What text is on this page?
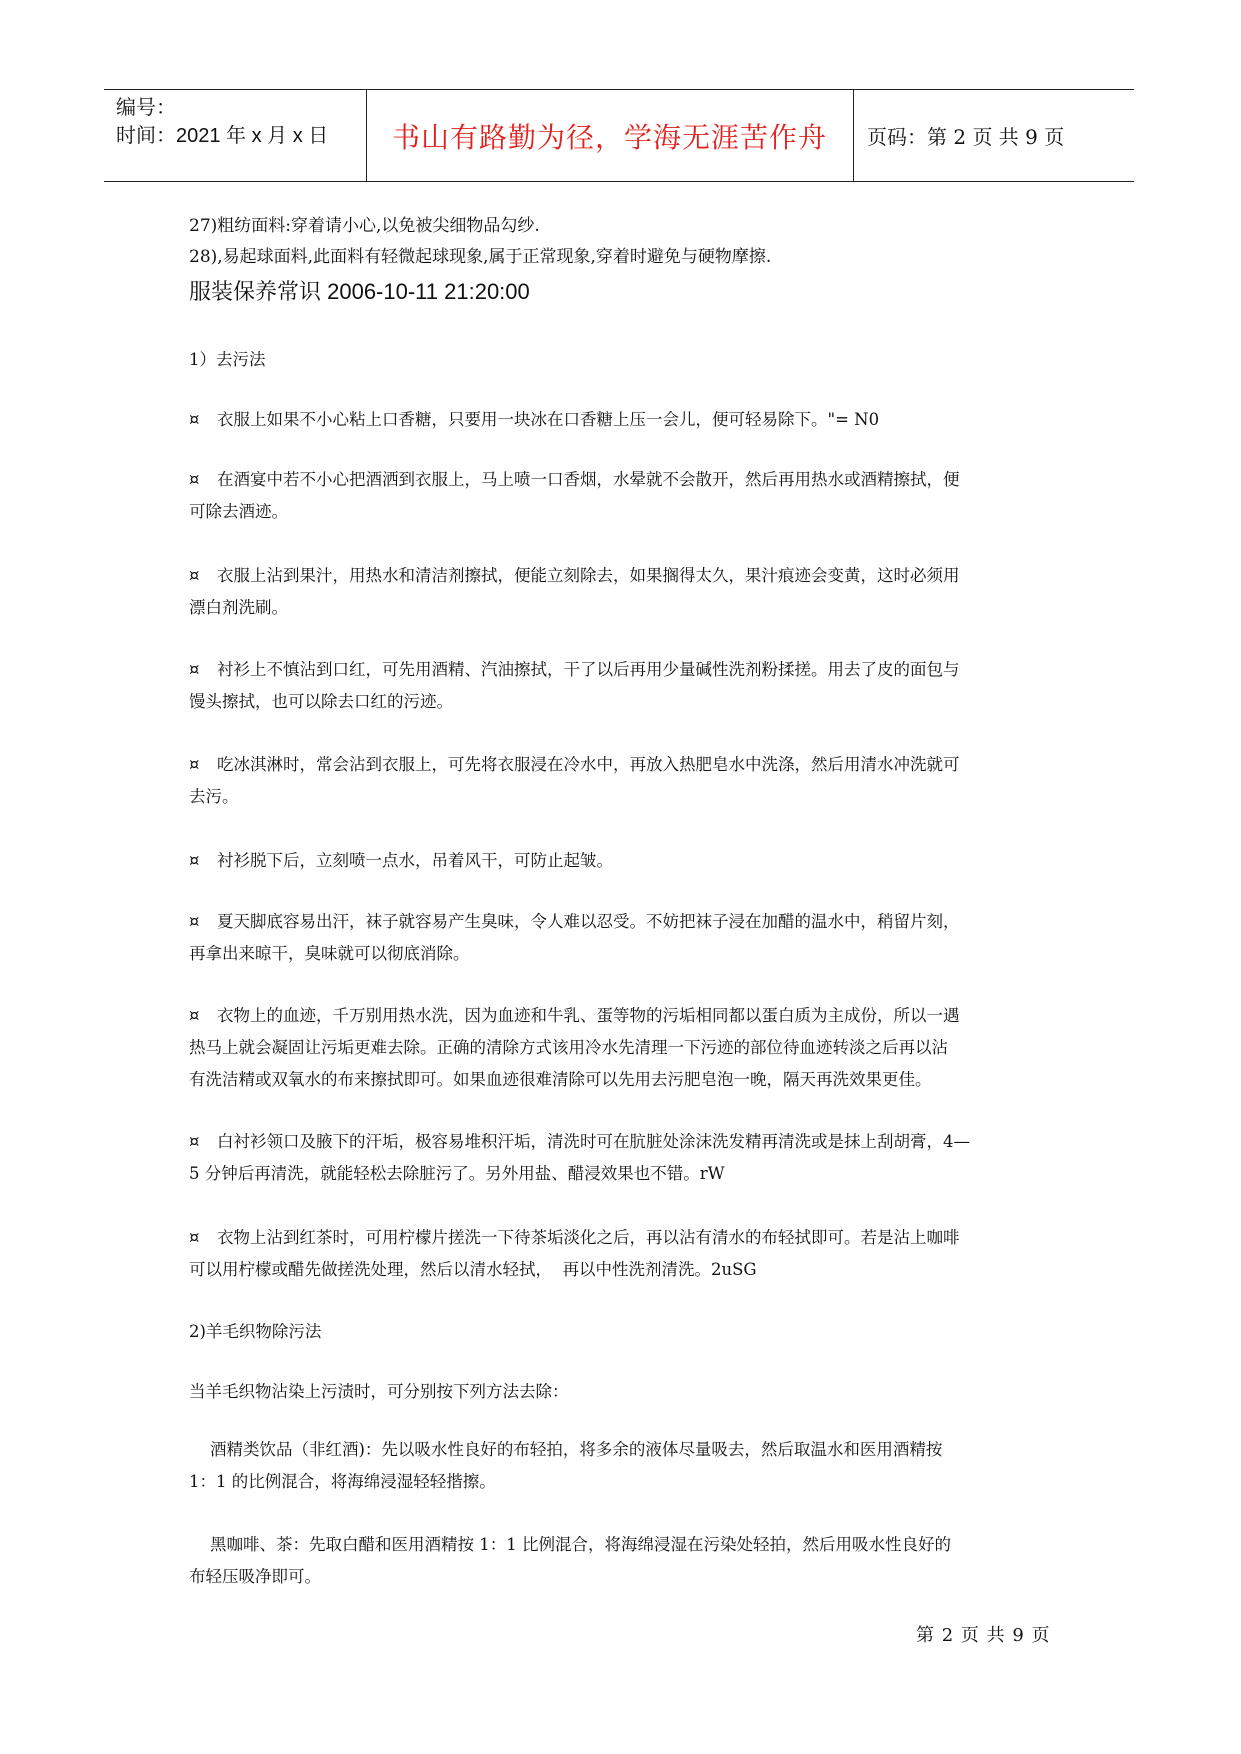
编号：
时间：2021 年 x 月 x 日	书山有路勤为径，学海无涯苦作舟	页码：第 2 页 共 9 页
27)粗纺面料:穿着请小心,以免被尖细物品勾纱.
28),易起球面料,此面料有轻微起球现象,属于正常现象,穿着时避免与硬物摩擦.
服装保养常识 2006-10-11 21:20:00
1）去污法
¤ 衣服上如果不小心粘上口香糖，只要用一块冰在口香糖上压一会儿，便可轻易除下。"= N0
¤ 在酒宴中若不小心把酒洒到衣服上，马上喷一口香烟，水晕就不会散开，然后再用热水或酒精擦拭，便
可除去酒迹。
¤ 衣服上沾到果汁，用热水和清洁剂擦拭，便能立刻除去，如果搁得太久，果汁痕迹会变黄，这时必须用
漂白剂洗刷。
¤ 衬衫上不慎沾到口红，可先用酒精、汽油擦拭，干了以后再用少量碱性洗剂粉揉搓。用去了皮的面包与
馒头擦拭，也可以除去口红的污迹。
¤ 吃冰淇淋时，常会沾到衣服上，可先将衣服浸在冷水中，再放入热肥皂水中洗涤，然后用清水冲洗就可
去污。
¤ 衬衫脱下后，立刻喷一点水，吊着风干，可防止起皱。
¤ 夏天脚底容易出汗，袜子就容易产生臭味，令人难以忍受。不妨把袜子浸在加醋的温水中，稍留片刻，
再拿出来晾干，臭味就可以彻底消除。
¤ 衣物上的血迹，千万别用热水洗，因为血迹和牛乳、蛋等物的污垢相同都以蛋白质为主成份，所以一遇
热马上就会凝固让污垢更难去除。正确的清除方式该用冷水先清理一下污迹的部位待血迹转淡之后再以沾
有洗洁精或双氧水的布来擦拭即可。如果血迹很难清除可以先用去污肥皂泡一晚，隔天再洗效果更佳。
¤ 白衬衫领口及腋下的汗垢，极容易堆积汗垢，清洗时可在肮脏处涂沫洗发精再清洗或是抹上刮胡膏，4—
5 分钟后再清洗，就能轻松去除脏污了。另外用盐、醋浸效果也不错。rW
¤ 衣物上沾到红茶时，可用柠檬片搓洗一下待茶垢淡化之后，再以沾有清水的布轻拭即可。若是沾上咖啡
可以用柠檬或醋先做搓洗处理，然后以清水轻拭，  再以中性洗剂清洗。2uSG
2)羊毛织物除污法
当羊毛织物沾染上污渍时，可分别按下列方法去除：
酒精类饮品（非红酒)：先以吸水性良好的布轻拍，将多余的液体尽量吸去，然后取温水和医用酒精按
1：1 的比例混合，将海绵浸湿轻轻揩擦。
黑咖啡、茶：先取白醋和医用酒精按 1：1 比例混合，将海绵浸湿在污染处轻拍，然后用吸水性良好的
布轻压吸净即可。
第 2 页 共 9 页
